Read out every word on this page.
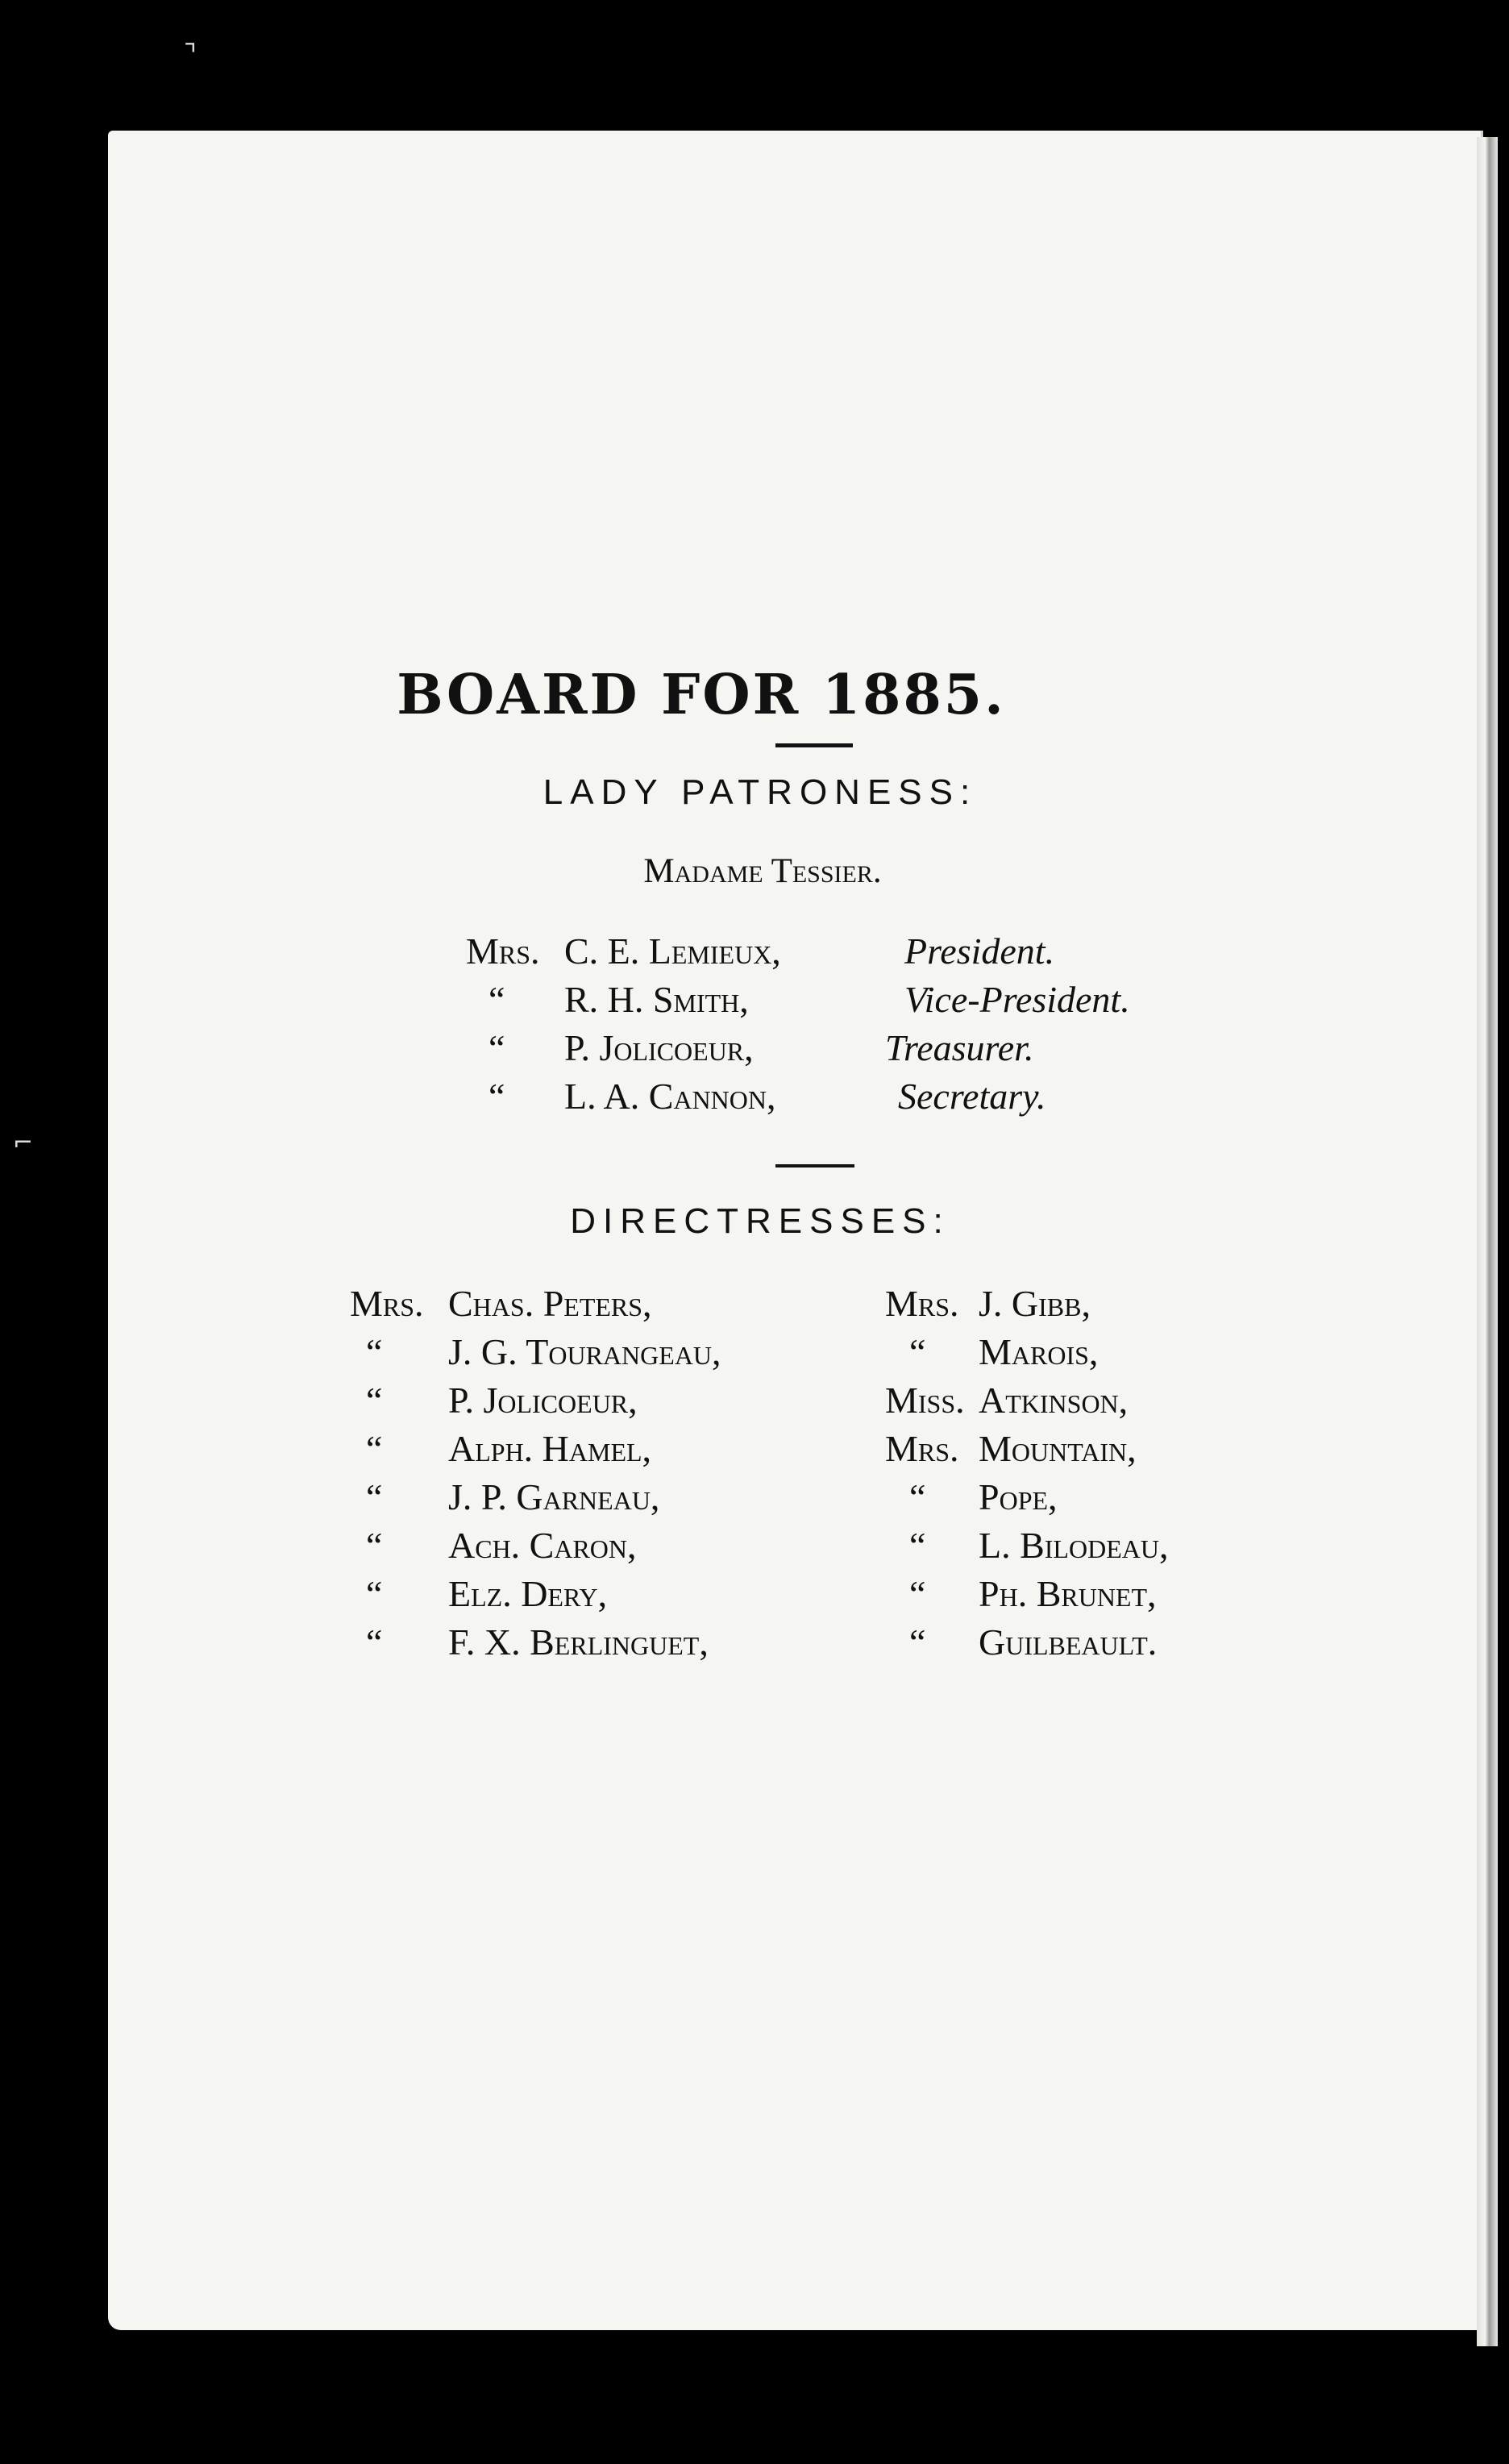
⌝
⌐
BOARD FOR 1885.
LADY PATRONESS:
Madame Tessier.
Mrs. C. E. Lemieux,	President.
“ R. H. Smith,	Vice-President.
“ P. Jolicoeur,	Treasurer.
“ L. A. Cannon,	Secretary.
DIRECTRESSES:
Mrs. Chas. Peters,
“ J. G. Tourangeau,
“ P. Jolicoeur,
“ Alph. Hamel,
“ J. P. Garneau,
“ Ach. Caron,
“ Elz. Dery,
“ F. X. Berlinguet,
Mrs. J. Gibb,
“ Marois,
Miss. Atkinson,
Mrs. Mountain,
“ Pope,
“ L. Bilodeau,
“ Ph. Brunet,
“ Guilbeault.
